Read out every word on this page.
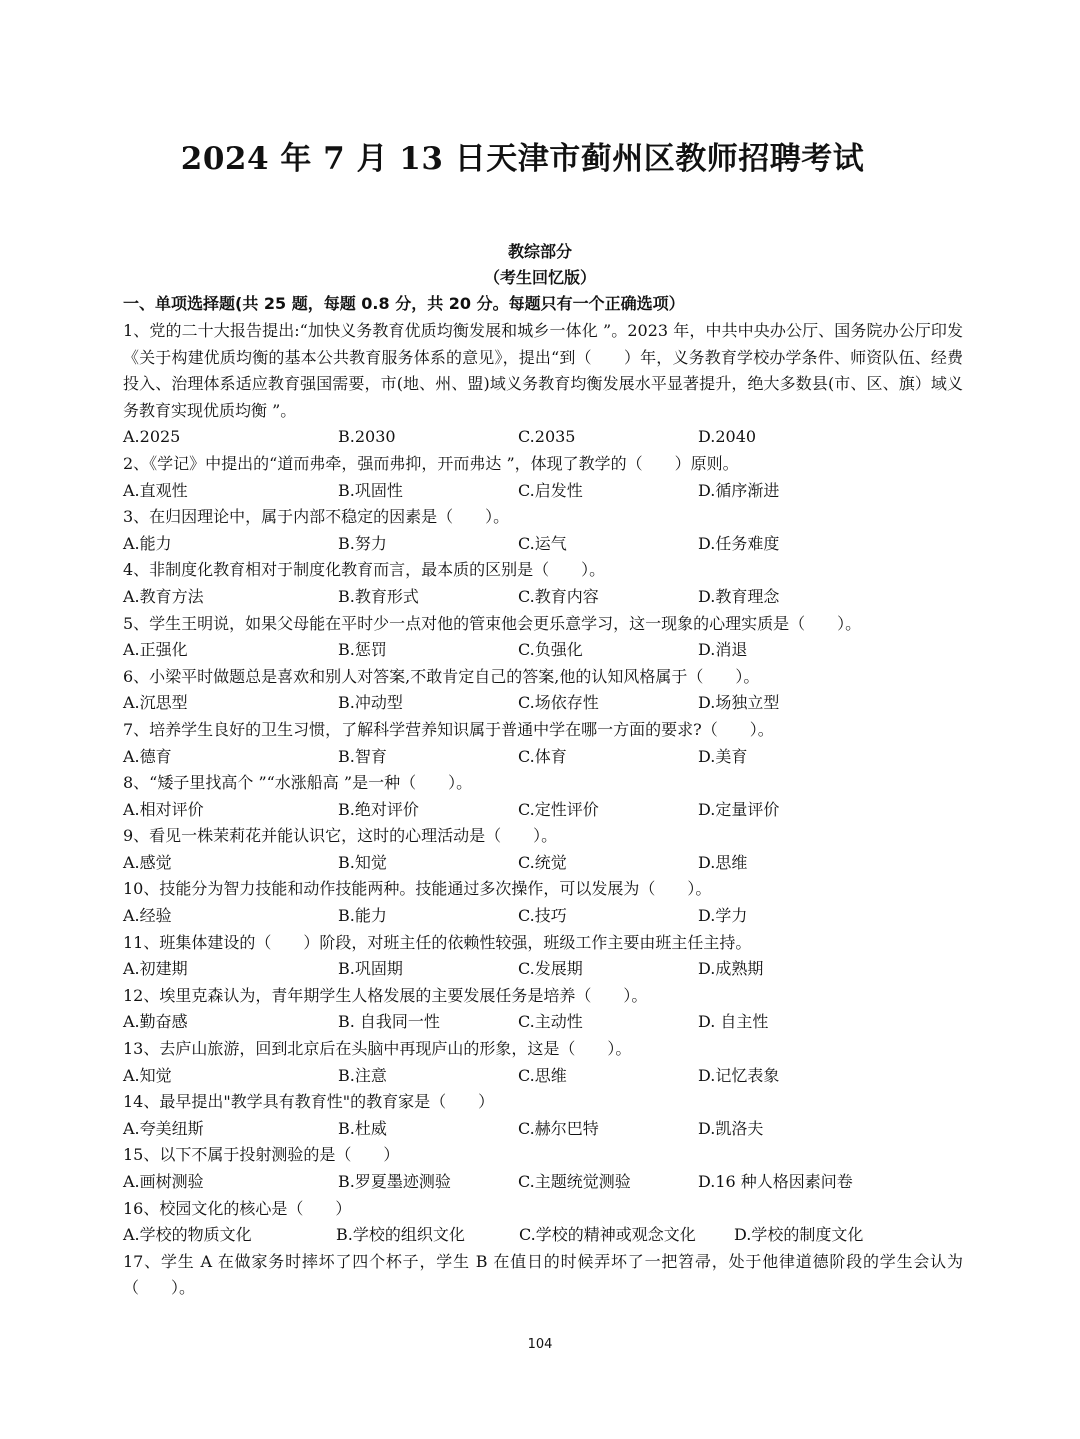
2024 年 7 月 13 日天津市蓟州区教师招聘考试
教综部分
（考生回忆版）
一、单项选择题(共 25 题，每题 0.8 分，共 20 分。每题只有一个正确选项）

1、党的二十大报告提出:“加快义务教育优质均衡发展和城乡一体化 ”。2023 年，中共中央办公厅、国务院办公厅印发《关于构建优质均衡的基本公共教育服务体系的意见》，提出“到（　　）年，义务教育学校办学条件、师资队伍、经费投入、治理体系适应教育强国需要，市(地、州、盟)域义务教育均衡发展水平显著提升，绝大多数县(市、区、旗）域义务教育实现优质均衡 ”。

A.2025	B.2030	C.2035	D.2040

2、《学记》中提出的“道而弗牵，强而弗抑，开而弗达 ”，体现了教学的（　　）原则。

A.直观性	B.巩固性	C.启发性	D.循序渐进

3、在归因理论中，属于内部不稳定的因素是（　　）。

A.能力	B.努力	C.运气	D.任务难度

4、非制度化教育相对于制度化教育而言，最本质的区别是（　　）。

A.教育方法	B.教育形式	C.教育内容	D.教育理念

5、学生王明说，如果父母能在平时少一点对他的管束他会更乐意学习，这一现象的心理实质是（　　）。

A.正强化	B.惩罚	C.负强化	D.消退

6、小梁平时做题总是喜欢和别人对答案,不敢肯定自己的答案,他的认知风格属于（　　）。

A.沉思型	B.冲动型	C.场依存性	D.场独立型

7、培养学生良好的卫生习惯，了解科学营养知识属于普通中学在哪一方面的要求?（　　）。

A.德育	B.智育	C.体育	D.美育

8、“矮子里找高个 ”“水涨船高 ”是一种（　　）。

A.相对评价	B.绝对评价	C.定性评价	D.定量评价

9、看见一株茉莉花并能认识它，这时的心理活动是（　　）。

A.感觉	B.知觉	C.统觉	D.思维

10、技能分为智力技能和动作技能两种。技能通过多次操作，可以发展为（　　）。

A.经验	B.能力	C.技巧	D.学力

11、班集体建设的（　　）阶段，对班主任的依赖性较强，班级工作主要由班主任主持。

A.初建期	B.巩固期	C.发展期	D.成熟期

12、埃里克森认为，青年期学生人格发展的主要发展任务是培养（　　）。

A.勤奋感	B. 自我同一性	C.主动性	D. 自主性

13、去庐山旅游，回到北京后在头脑中再现庐山的形象，这是（　　）。

A.知觉	B.注意	C.思维	D.记忆表象

14、最早提出"教学具有教育性"的教育家是（　　）

A.夸美纽斯	B.杜威	C.赫尔巴特	D.凯洛夫

15、以下不属于投射测验的是（　　）

A.画树测验	B.罗夏墨迹测验	C.主题统觉测验	D.16 种人格因素问卷

16、校园文化的核心是（　　）

A.学校的物质文化	B.学校的组织文化	C.学校的精神或观念文化	D.学校的制度文化

17、学生 A 在做家务时摔坏了四个杯子，学生 B 在值日的时候弄坏了一把笤帚，处于他律道德阶段的学生会认为（　　）。

104
